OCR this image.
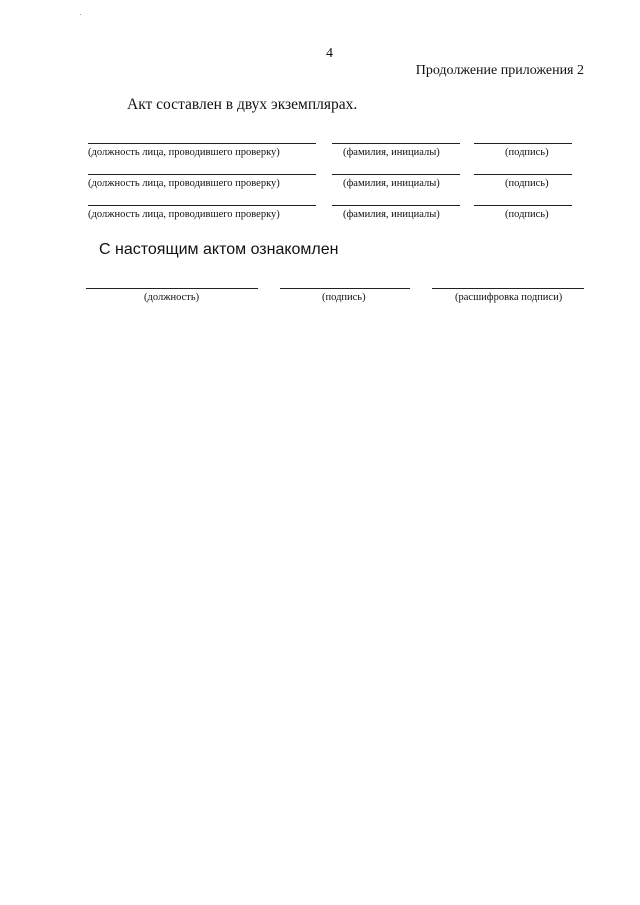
4
Продолжение приложения 2
Акт составлен в двух экземплярах.
(должность лица, проводившего проверку)	(фамилия, инициалы)	(подпись)
(должность лица, проводившего проверку)	(фамилия, инициалы)	(подпись)
(должность лица, проводившего проверку)	(фамилия, инициалы)	(подпись)
С настоящим актом ознакомлен
(должность)	(подпись)	(расшифровка подписи)
